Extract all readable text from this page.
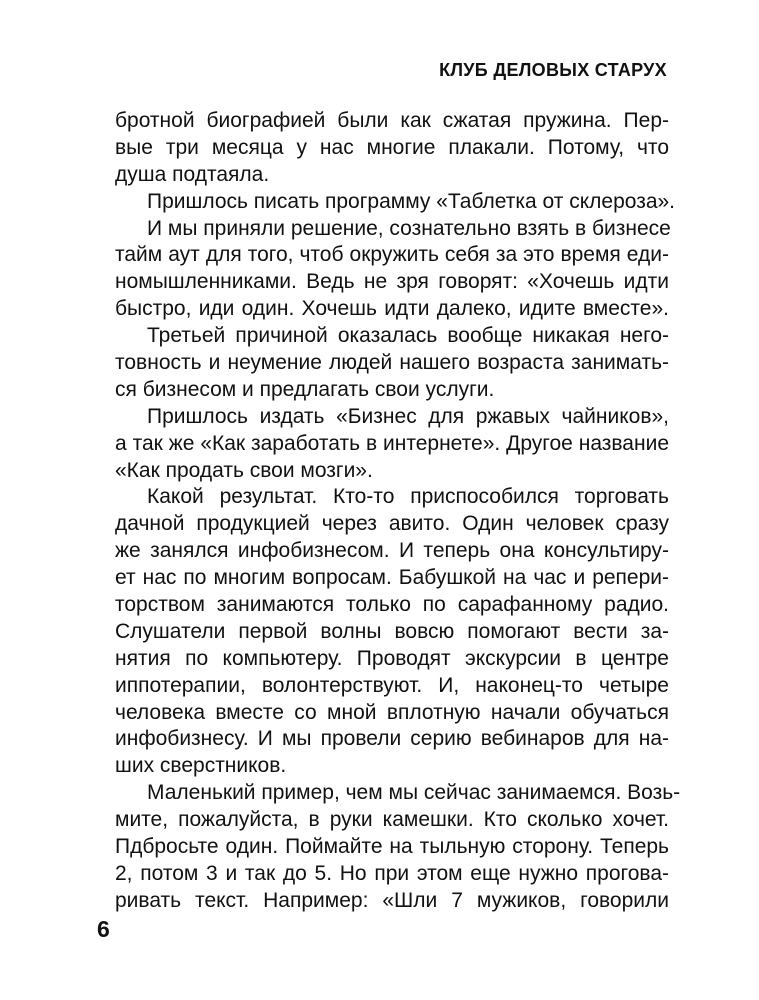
КЛУБ ДЕЛОВЫХ СТАРУХ
бротной биографией были как сжатая пружина. Пер-
вые три месяца у нас многие плакали. Потому, что
душа подтаяла.
Пришлось писать программу «Таблетка от склероза».
И мы приняли решение, сознательно взять в бизнесе
тайм аут для того, чтоб окружить себя за это время еди-
номышленниками. Ведь не зря говорят: «Хочешь идти
быстро, иди один. Хочешь идти далеко, идите вместе».
Третьей причиной оказалась вообще никакая него-
товность и неумение людей нашего возраста занимать-
ся бизнесом и предлагать свои услуги.
Пришлось издать «Бизнес для ржавых чайников»,
а так же «Как заработать в интернете». Другое название
«Как продать свои мозги».
Какой результат. Кто-то приспособился торговать
дачной продукцией через авито. Один человек сразу
же занялся инфобизнесом. И теперь она консультиру-
ет нас по многим вопросам. Бабушкой на час и репери-
торством занимаются только по сарафанному радио.
Слушатели первой волны вовсю помогают вести за-
нятия по компьютеру. Проводят экскурсии в центре
иппотерапии, волонтерствуют. И, наконец-то четыре
человека вместе со мной вплотную начали обучаться
инфобизнесу. И мы провели серию вебинаров для на-
ших сверстников.
Маленький пример, чем мы сейчас занимаемся. Возь-
мите, пожалуйста, в руки камешки. Кто сколько хочет.
Пдбросьте один. Поймайте на тыльную сторону. Теперь
2, потом 3 и так до 5. Но при этом еще нужно прогова-
ривать текст. Например: «Шли 7 мужиков, говорили
6
